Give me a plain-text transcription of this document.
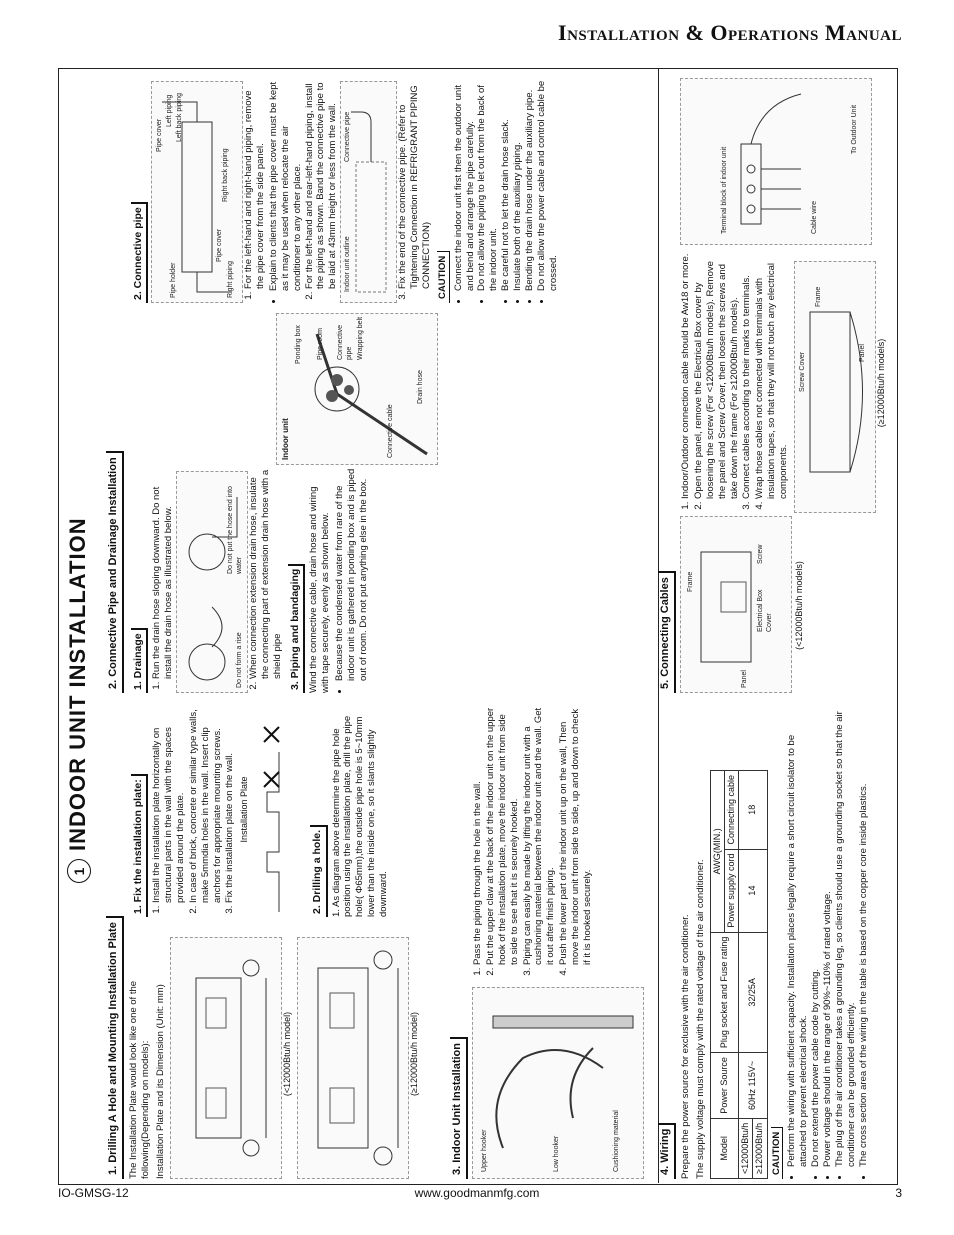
Installation & Operations Manual
1INDOOR UNIT INSTALLATION
1. Drilling A Hole and Mounting Installation Plate The Installation Plate would look like one of the following(Depending on models): Installation Plate and its Dimension (Unit: mm)	(<12000Btu/h model)	(≥12000Btu/h model)
1. Fix the installation plate: 1. Install the installation plate horizontally on structural parts in the wall with the spaces provided around the plate. 2. In case of brick, concrete or similar type walls, make 5mmdia holes in the wall. Insert clip anchors for appropriate mounting screws. 3. Fix the installation plate on the wall. Installation Plate
2. Drilling a hole. 1. As diagram above determine the pipe hole position using the installation plate, drill the pipe hole( Φ65mm),the outside pipe hole is 5~10mm lower than the inside one, so it slants slightly downward.

2. Connective Pipe and Drainage Installation	1. Drainage 1. Run the drain hose sloping downward. Do not install the drain hose as illustrated below.	Do not form a rise
Do not put the hose end into water 2. When connection extension drain hose, insulate the connecting part of extension drain hose with a shield pipe 3. Piping and bandaging Wind the connective cable, drain hose and wiring with tape securely, evenly as shown below. • Because the condensed water from rare of the indoor unit is gathered in ponding box and is piped out of room. Do not put anything else in the box.
Indoor unit
Ponding box Pipe room Connective pipe Wrapping belt
Connective cable
Drain hose
2. Connective pipe
Pipe cover
Left piping Left back piping
Right back piping
Pipe holder	Right piping
Pipe cover 1. For the left-hand and right-hand piping, remove the pipe cover from the side panel. • Explain to clients that the pipe cover must be kept as it may be used when relocate the air conditioner to any other place. 2. For the left-hand and rear-left-hand piping, install the piping as shown. Band the connective pipe to be laid at 43mm height or less from the wall. Indoor unit outline
Connective pipe	3. Fix the end of the connective pipe. (Refer to Tightening Connection in REFRIGRANT PIPING CONNECTION) CAUTION • Connect the indoor unit first then the outdoor unit and bend and arrange the pipe carefully. • Do not allow the piping to let out from the back of the indoor unit. • Be careful not to let the drain hose slack. • Insulate both of the auxiliary piping. • Bending the drain hose under the auxiliary pipe. • Do not allow the power cable and control cable be crossed.
3. Indoor Unit Installation	Upper hooker	Low hooker	Cushioning material
1. Pass the piping through the hole in the wall. 2. Put the upper claw at the back of the indoor unit on the upper hook of the installation plate, move the indoor unit from side to side to see that it is securely hooked. 3. Piping can easily be made by lifting the indoor unit with a cushioning material between the indoor unit and the wall. Get it out after finish piping. 4. Push the lower part of the indoor unit up on the wall, Then move the indoor unit from side to side, up and down to check if it is hooked securely.
4. Wiring Prepare the power source for exclusive with the air conditioner. The supply voltage must comply with the rated voltage of the air conditioner. Model	Power Source	Plug socket and Fuse rating	AWG(MIN.)	
			Power supply cord	Connecting cable
<12000Btu/h	60Hz 115V~	32/25A	14	18
≥12000Btu/h				CAUTION • Perform the wiring with sufficient capacity. Installation places legally require a short circuit isolator to be attached to prevent electrical shock. • Do not extend the power cable code by cutting. • Power voltage should in the range of 90%~110% of rated voltage. • The plug of the air conditioner takes a grounding leg, so clients should use a grounding socket so that the air conditioner can be grounded efficiently. • The cross section area of the wiring in the table is based on the copper core inside plastics.
5. Connecting Cables	Panel
Frame
Electrical Box Cover
Screw
(<12000Btu/h models)
1. Indoor/Outdoor connection cable should be Aw18 or more. 2. Open the panel, remove the Electrical Box cover by loosening the screw (For <12000Btu/h models). Remove the panel and Screw Cover, then loosen the screws and take down the frame (For ≥12000Btu/h models). 3. Connect cables according to their marks to terminals. 4. Wrap those cables not connected with terminals with insulation tapes, so that they will not touch any electrical components.
Screw Cover	Panel
Frame
(≥12000Btu/h models)
Terminal block of indoor unit	Cable wire
To Outdoor Unit
IO-GMSG-12	www.goodmanmfg.com	3
